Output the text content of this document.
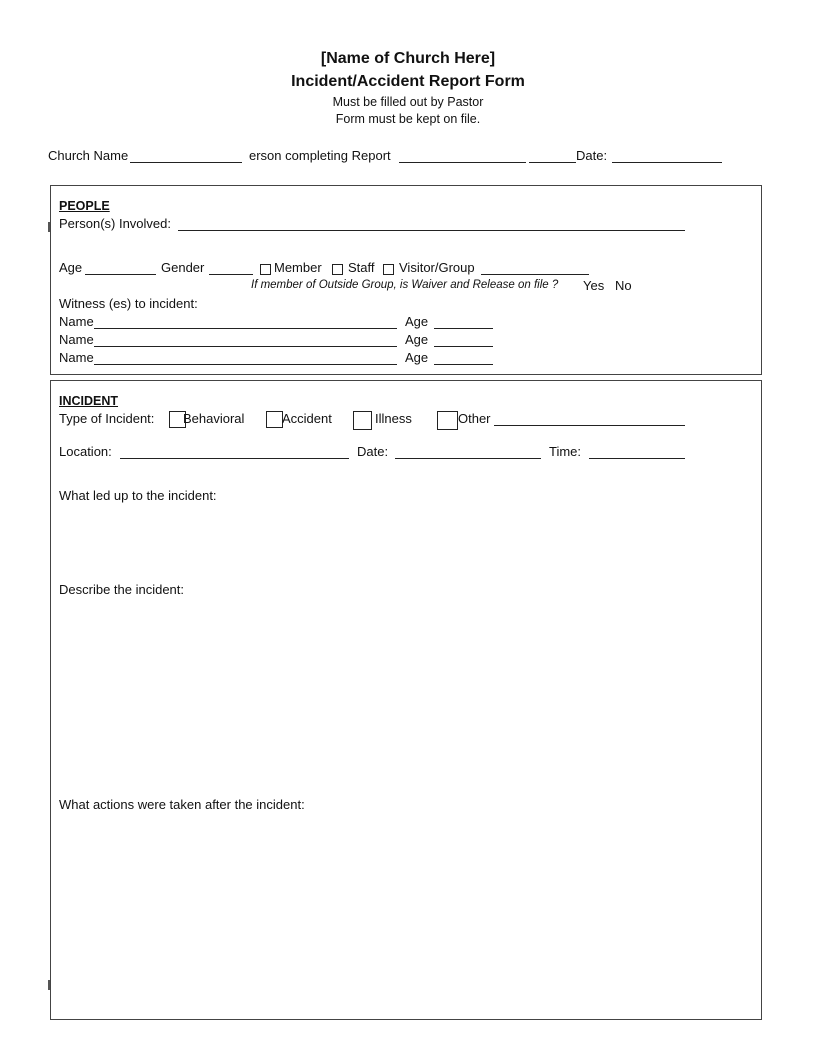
[Name of Church Here]
Incident/Accident Report Form
Must be filled out by Pastor
Form must be kept on file.
Church Name	erson completing Report	Date:
PEOPLE
Person(s) Involved:
Age	Gender	Member Staff Visitor/Group
If member of Outside Group, is Waiver and Release on file ? Yes No
Witness (es) to incident:
Name	Age
Name	Age
Name	Age
INCIDENT
Type of Incident: Behavioral	Accident	Illness	Other
Location:	Date:	Time:
What led up to the incident:
Describe the incident:
What actions were taken after the incident:
